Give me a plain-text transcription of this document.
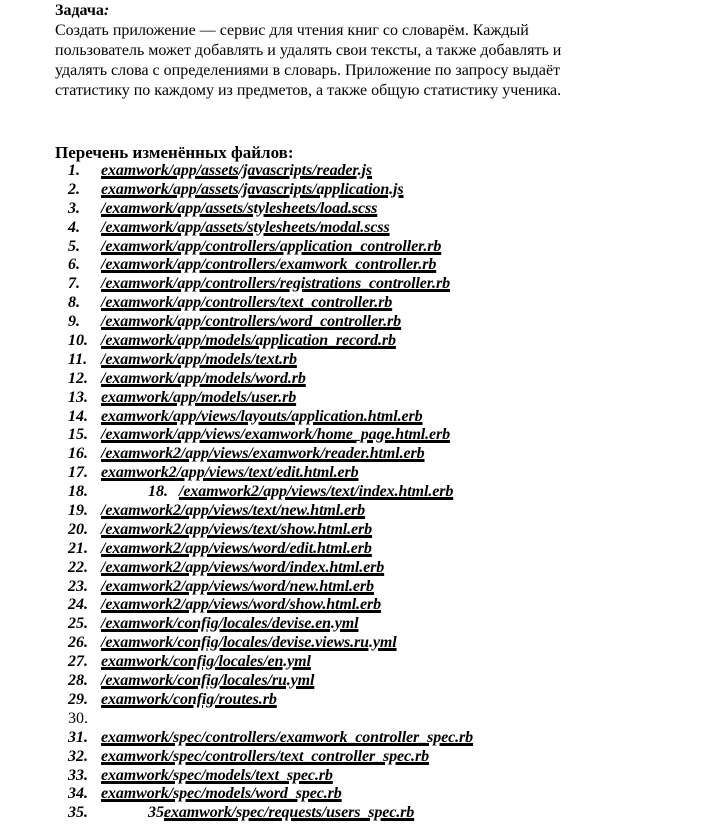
Задача:
Создать приложение — сервис для чтения книг со словарём. Каждый пользователь может добавлять и удалять свои тексты, а также добавлять и удалять слова с определениями в словарь. Приложение по запросу выдаёт статистику по каждому из предметов, а также общую статистику ученика.
Перечень изменённых файлов:
1. examwork/app/assets/javascripts/reader.js
2. examwork/app/assets/javascripts/application.js
3. /examwork/app/assets/stylesheets/load.scss
4. /examwork/app/assets/stylesheets/modal.scss
5. /examwork/app/controllers/application_controller.rb
6. /examwork/app/controllers/examwork_controller.rb
7. /examwork/app/controllers/registrations_controller.rb
8. /examwork/app/controllers/text_controller.rb
9. /examwork/app/controllers/word_controller.rb
10. /examwork/app/models/application_record.rb
11. /examwork/app/models/text.rb
12. /examwork/app/models/word.rb
13. examwork/app/models/user.rb
14. examwork/app/views/layouts/application.html.erb
15. /examwork/app/views/examwork/home_page.html.erb
16. /examwork2/app/views/examwork/reader.html.erb
17. examwork2/app/views/text/edit.html.erb
18.	18. /examwork2/app/views/text/index.html.erb
19. /examwork2/app/views/text/new.html.erb
20. /examwork2/app/views/text/show.html.erb
21. /examwork2/app/views/word/edit.html.erb
22. /examwork2/app/views/word/index.html.erb
23. /examwork2/app/views/word/new.html.erb
24. /examwork2/app/views/word/show.html.erb
25. /examwork/config/locales/devise.en.yml
26. /examwork/config/locales/devise.views.ru.yml
27. examwork/config/locales/en.yml
28. /examwork/config/locales/ru.yml
29. examwork/config/routes.rb
30.
31. examwork/spec/controllers/examwork_controller_spec.rb
32. examwork/spec/controllers/text_controller_spec.rb
33. examwork/spec/models/text_spec.rb
34. examwork/spec/models/word_spec.rb
35.	35.
examwork/spec/requests/users_spec.rb
